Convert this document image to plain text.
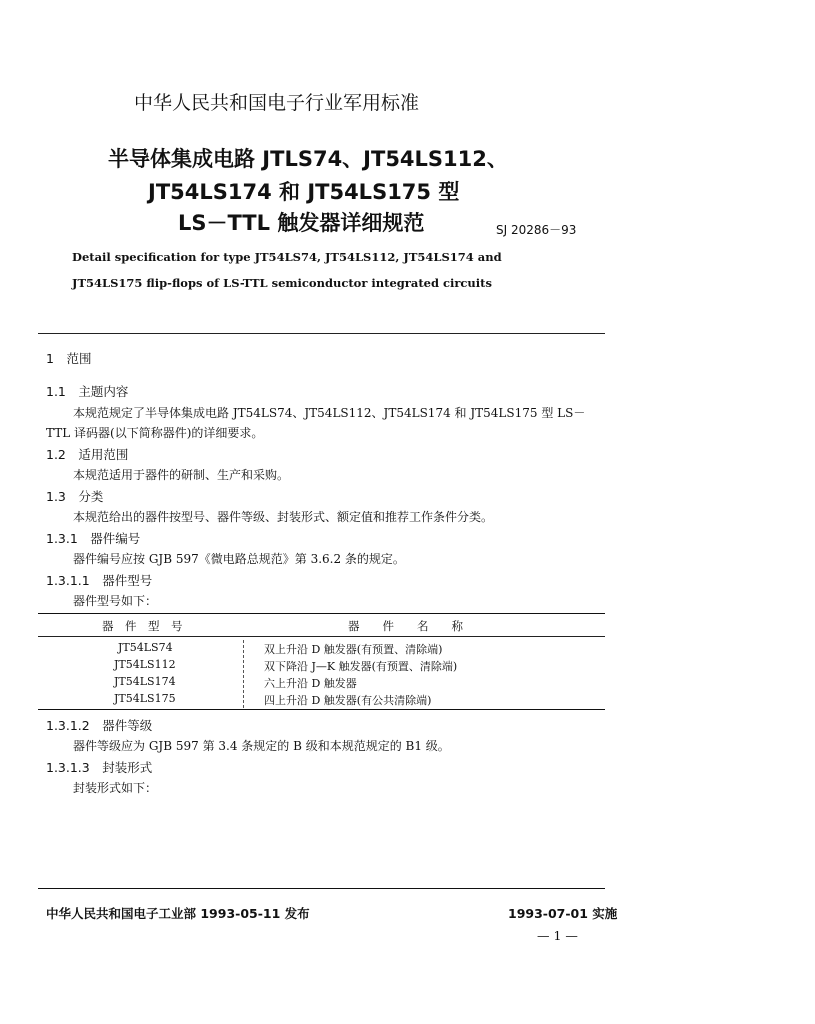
中华人民共和国电子行业军用标准
半导体集成电路 JTLS74、JT54LS112、
JT54LS174 和 JT54LS175 型
LS－TTL 触发器详细规范	SJ 20286－93
Detail specification for type JT54LS74, JT54LS112, JT54LS174 and
JT54LS175 flip-flops of LS-TTL semiconductor integrated circuits
1　范围
1.1　主题内容
本规范规定了半导体集成电路 JT54LS74、JT54LS112、JT54LS174 和 JT54LS175 型 LS－
TTL 译码器(以下简称器件)的详细要求。
1.2　适用范围
本规范适用于器件的研制、生产和采购。
1.3　分类
本规范给出的器件按型号、器件等级、封装形式、额定值和推荐工作条件分类。
1.3.1　器件编号
器件编号应按 GJB 597《微电路总规范》第 3.6.2 条的规定。
1.3.1.1　器件型号
器件型号如下：
器　件　型　号	器　　件　　名　　称
JT54LS74	双上升沿 D 触发器(有预置、清除端)
JT54LS112	双下降沿 J—K 触发器(有预置、清除端)
JT54LS174	六上升沿 D 触发器
JT54LS175	四上升沿 D 触发器(有公共清除端)
1.3.1.2　器件等级
器件等级应为 GJB 597 第 3.4 条规定的 B 级和本规范规定的 B1 级。
1.3.1.3　封装形式
封装形式如下：
中华人民共和国电子工业部 1993-05-11 发布	1993-07-01 实施
— 1 —
